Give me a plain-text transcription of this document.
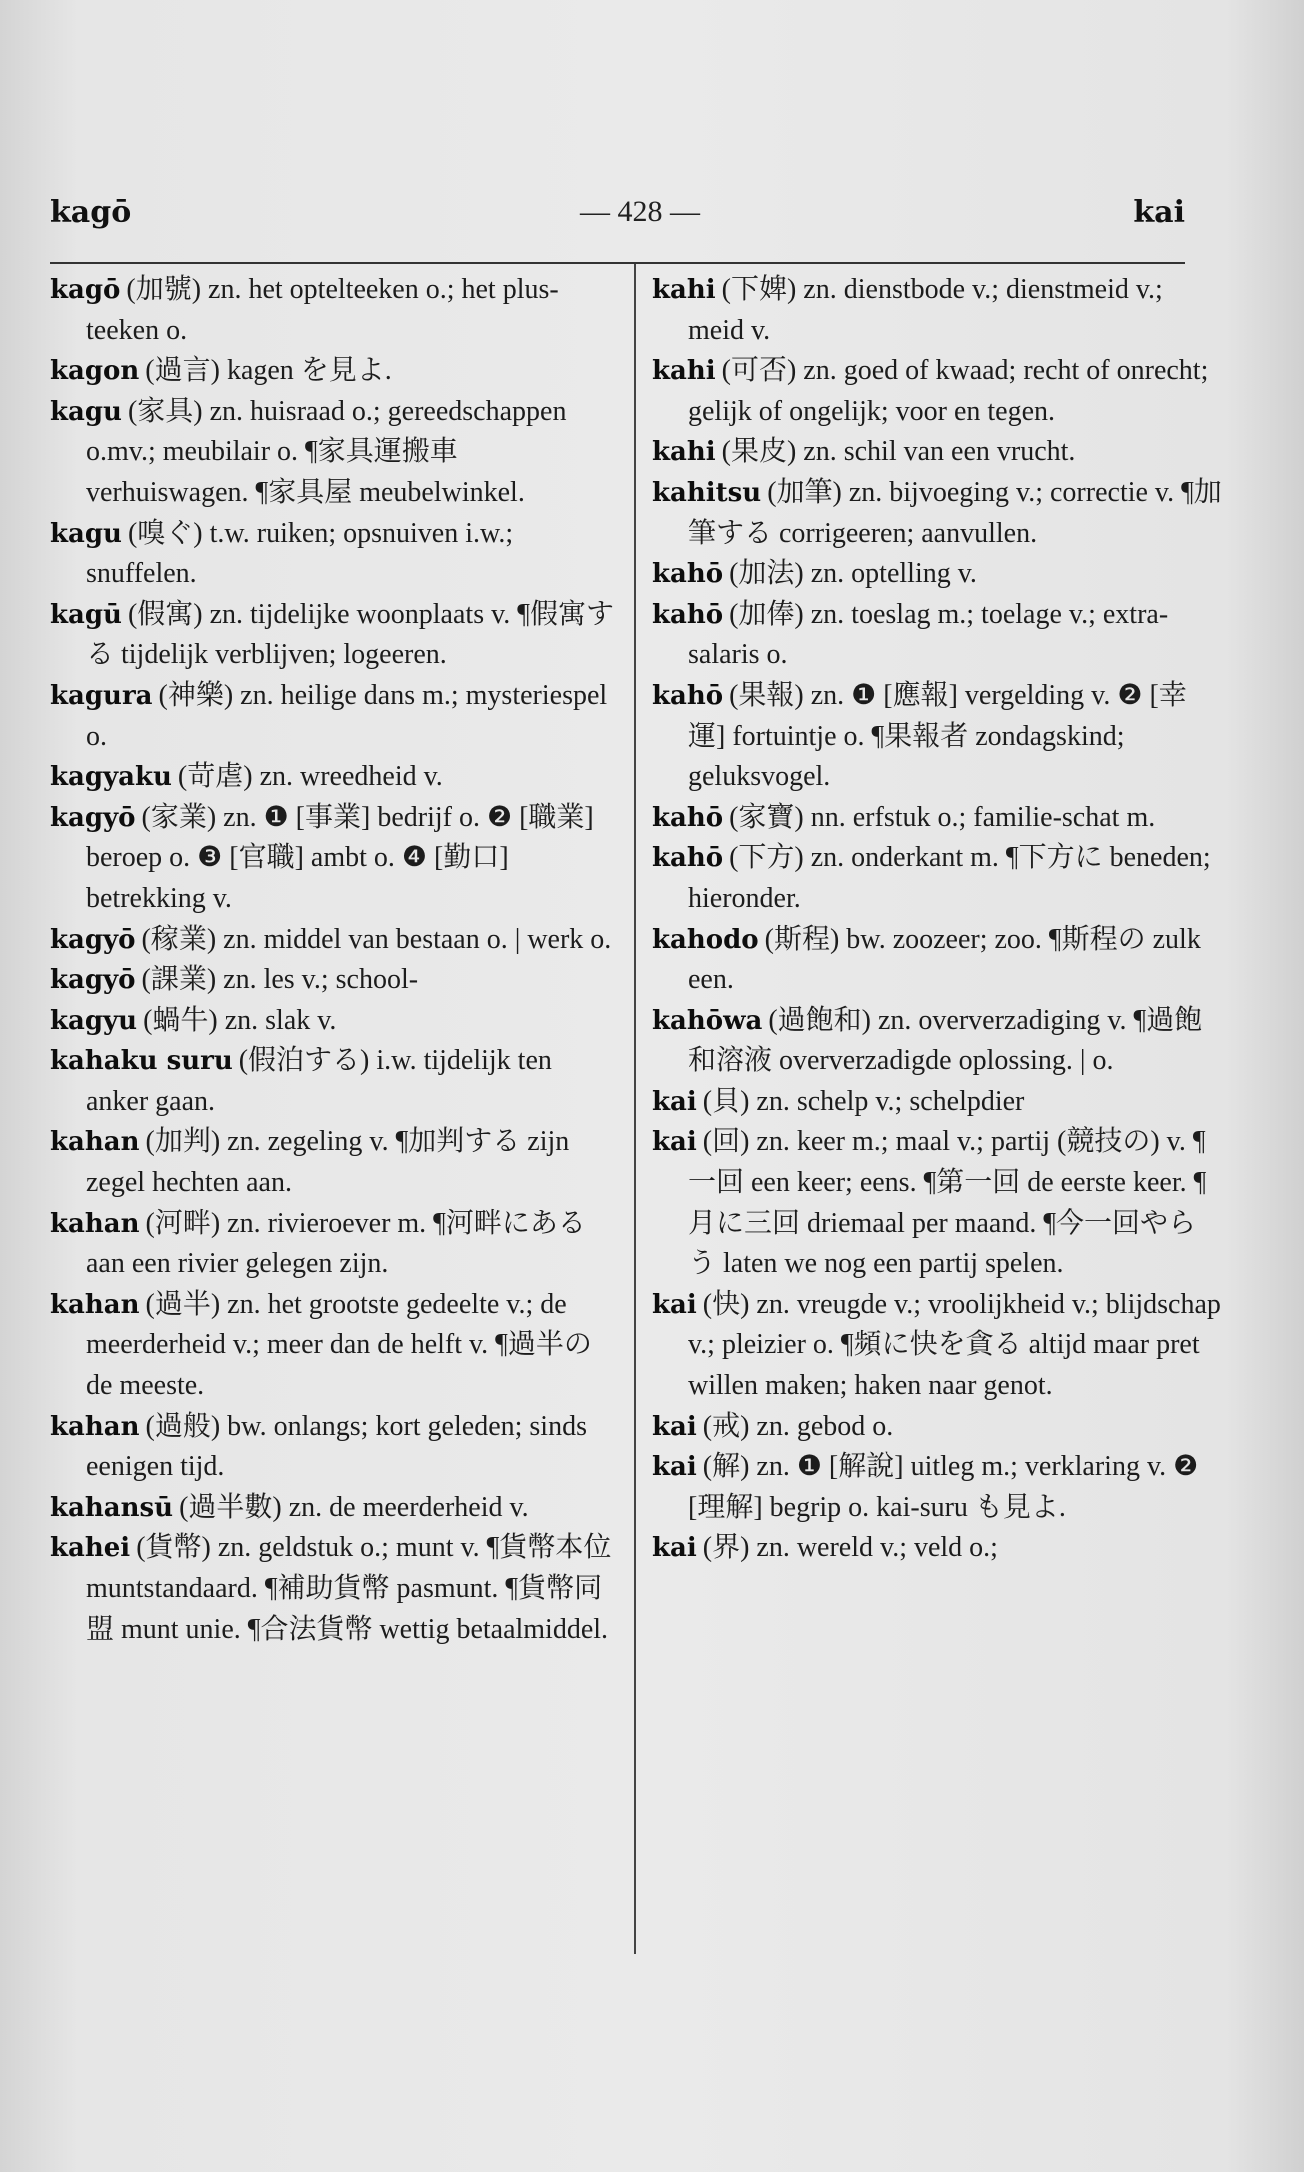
kagō	— 428 —	kai

kagō (加號) zn. het optelteeken o.; het plus-teeken o.

kagon (過言) kagen を見よ.

kagu (家具) zn. huisraad o.; gereedschappen o.mv.; meubilair o. ¶家具運搬車 verhuiswagen. ¶家具屋 meubelwinkel.

kagu (嗅ぐ) t.w. ruiken; opsnuiven i.w.; snuffelen.

kagū (假寓) zn. tijdelijke woonplaats v. ¶假寓する tijdelijk verblijven; logeeren.

kagura (神樂) zn. heilige dans m.; mysteriespel o.

kagyaku (苛虐) zn. wreedheid v.

kagyō (家業) zn. ❶ [事業] bedrijf o. ❷ [職業] beroep o. ❸ [官職] ambt o. ❹ [勤口] betrekking v.

kagyō (稼業) zn. middel van bestaan o. | werk o.

kagyō (課業) zn. les v.; school-

kagyu (蝸牛) zn. slak v.

kahaku suru (假泊する) i.w. tijdelijk ten anker gaan.

kahan (加判) zn. zegeling v. ¶加判する zijn zegel hechten aan.

kahan (河畔) zn. rivieroever m. ¶河畔にある aan een rivier gelegen zijn.

kahan (過半) zn. het grootste gedeelte v.; de meerderheid v.; meer dan de helft v. ¶過半の de meeste.

kahan (過般) bw. onlangs; kort geleden; sinds eenigen tijd.

kahansū (過半數) zn. de meerderheid v.

kahei (貨幣) zn. geldstuk o.; munt v. ¶貨幣本位 muntstandaard. ¶補助貨幣 pasmunt. ¶貨幣同盟 munt unie. ¶合法貨幣 wettig betaalmiddel.

kahi (下婢) zn. dienstbode v.; dienstmeid v.; meid v.

kahi (可否) zn. goed of kwaad; recht of onrecht; gelijk of ongelijk; voor en tegen.

kahi (果皮) zn. schil van een vrucht.

kahitsu (加筆) zn. bijvoeging v.; correctie v. ¶加筆する corrigeeren; aanvullen.

kahō (加法) zn. optelling v.

kahō (加俸) zn. toeslag m.; toelage v.; extra-salaris o.

kahō (果報) zn. ❶ [應報] vergelding v. ❷ [幸運] fortuintje o. ¶果報者 zondagskind; geluksvogel.

kahō (家寶) nn. erfstuk o.; familie-schat m.

kahō (下方) zn. onderkant m. ¶下方に beneden; hieronder.

kahodo (斯程) bw. zoozeer; zoo. ¶斯程の zulk een.

kahōwa (過飽和) zn. oververzadiging v. ¶過飽和溶液 oververzadigde oplossing. | o.

kai (貝) zn. schelp v.; schelpdier

kai (回) zn. keer m.; maal v.; partij (競技の) v. ¶一回 een keer; eens. ¶第一回 de eerste keer. ¶月に三回 driemaal per maand. ¶今一回やらう laten we nog een partij spelen.

kai (快) zn. vreugde v.; vroolijkheid v.; blijdschap v.; pleizier o. ¶頻に快を貪る altijd maar pret willen maken; haken naar genot.

kai (戒) zn. gebod o.

kai (解) zn. ❶ [解說] uitleg m.; verklaring v. ❷ [理解] begrip o. kai-suru も見よ.

kai (界) zn. wereld v.; veld o.;
